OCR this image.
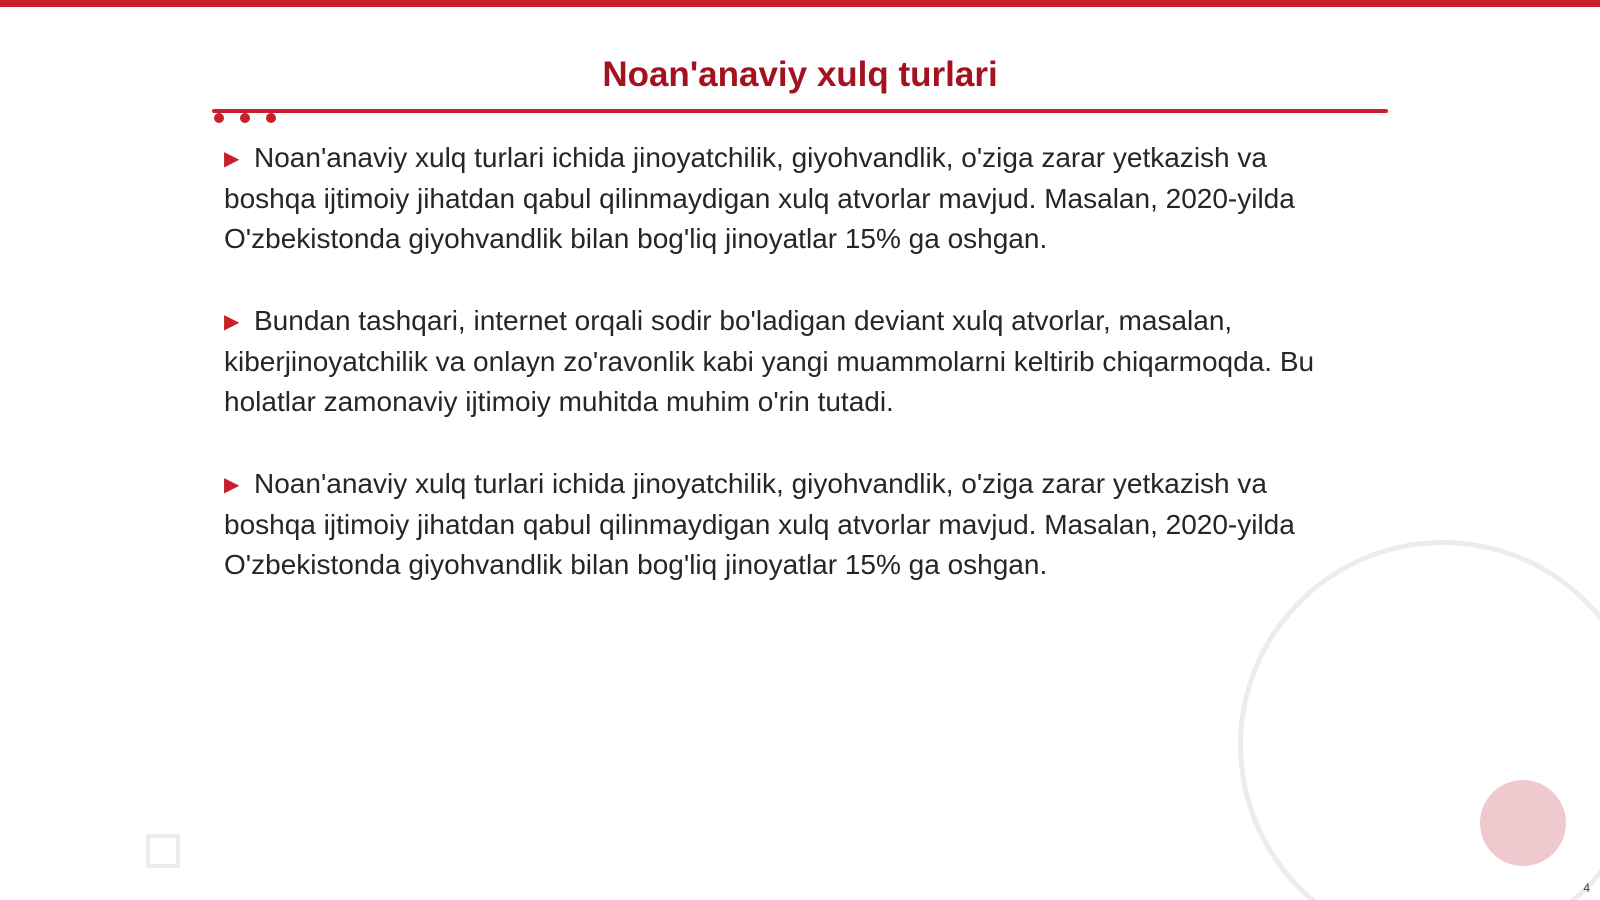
Noan'anaviy xulq turlari

▶ Noan'anaviy xulq turlari ichida jinoyatchilik, giyohvandlik, o'ziga zarar yetkazish va boshqa ijtimoiy jihatdan qabul qilinmaydigan xulq atvorlar mavjud. Masalan, 2020-yilda O'zbekistonda giyohvandlik bilan bog'liq jinoyatlar 15% ga oshgan.

▶ Bundan tashqari, internet orqali sodir bo'ladigan deviant xulq atvorlar, masalan, kiberjinoyatchilik va onlayn zo'ravonlik kabi yangi muammolarni keltirib chiqarmoqda. Bu holatlar zamonaviy ijtimoiy muhitda muhim o'rin tutadi.

▶ Noan'anaviy xulq turlari ichida jinoyatchilik, giyohvandlik, o'ziga zarar yetkazish va boshqa ijtimoiy jihatdan qabul qilinmaydigan xulq atvorlar mavjud. Masalan, 2020-yilda O'zbekistonda giyohvandlik bilan bog'liq jinoyatlar 15% ga oshgan.

4
